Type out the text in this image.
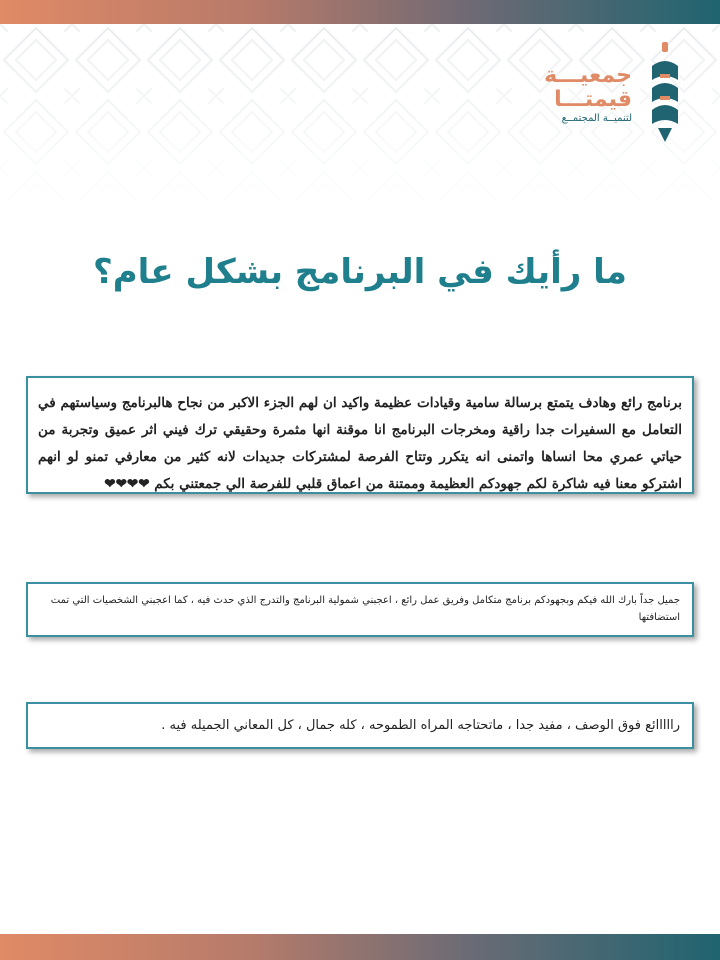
جمعيـــة
قيمتـــا
لتنميــة المجتمــع
ما رأيك في البرنامج بشكل عام؟

برنامج رائع وهادف يتمتع برسالة سامية وقيادات عظيمة واكيد ان لهم الجزء الاكبر من نجاح هالبرنامج وسياستهم في التعامل مع السفيرات جدا راقية ومخرجات البرنامج انا موقنة انها مثمرة وحقيقي ترك فيني اثر عميق وتجربة من حياتي عمري محا انساها واتمنى انه يتكرر وتتاح الفرصة لمشتركات جديدات لانه كثير من معارفي تمنو لو انهم اشتركو معنا فيه شاكرة لكم جهودكم العظيمة وممتنة من اعماق قلبي للفرصة الي جمعتني بكم ❤❤❤❤

جميل جداً بارك الله فيكم وبجهودكم برنامج متكامل وفريق عمل رائع ، اعجبني شمولية البرنامج والتدرج الذي حدث فيه ، كما اعجبني الشخصيات التي تمت استضافتها

رااااائع فوق الوصف ، مفيد جدا ، ماتحتاجه المراه الطموحه ، كله جمال ، كل المعاني الجميله فيه .
